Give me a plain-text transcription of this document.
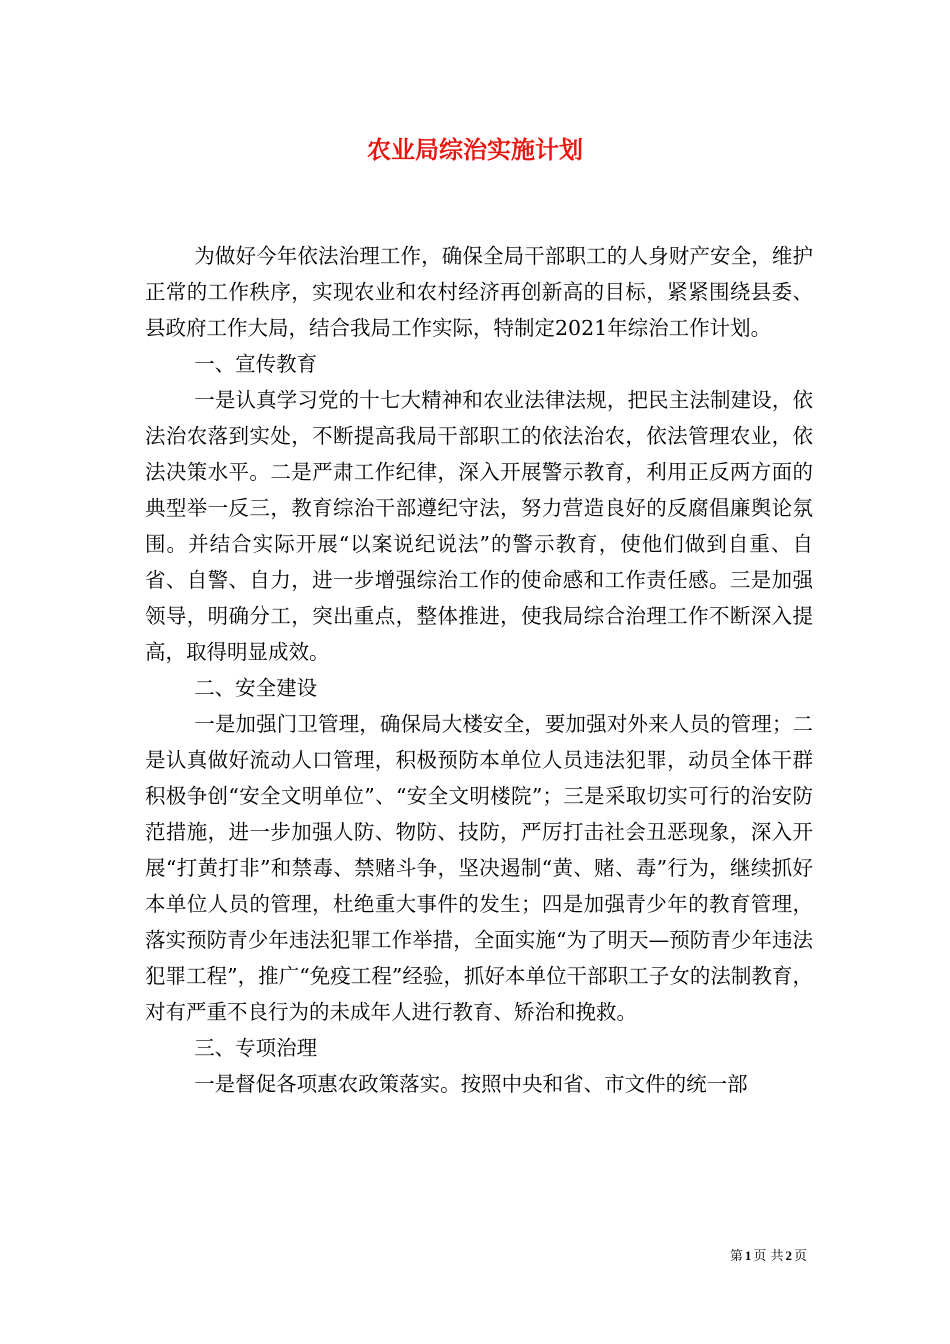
农业局综治实施计划

为做好今年依法治理工作，确保全局干部职工的人身财产安全，维护正常的工作秩序，实现农业和农村经济再创新高的目标，紧紧围绕县委、县政府工作大局，结合我局工作实际，特制定2021年综治工作计划。

一、宣传教育

一是认真学习党的十七大精神和农业法律法规，把民主法制建设，依法治农落到实处，不断提高我局干部职工的依法治农，依法管理农业，依法决策水平。二是严肃工作纪律，深入开展警示教育，利用正反两方面的典型举一反三，教育综治干部遵纪守法，努力营造良好的反腐倡廉舆论氛围。并结合实际开展“以案说纪说法”的警示教育，使他们做到自重、自省、自警、自力，进一步增强综治工作的使命感和工作责任感。三是加强领导，明确分工，突出重点，整体推进，使我局综合治理工作不断深入提高，取得明显成效。

二、安全建设

一是加强门卫管理，确保局大楼安全，要加强对外来人员的管理；二是认真做好流动人口管理，积极预防本单位人员违法犯罪，动员全体干群积极争创“安全文明单位”、“安全文明楼院”；三是采取切实可行的治安防范措施，进一步加强人防、物防、技防，严厉打击社会丑恶现象，深入开展“打黄打非”和禁毒、禁赌斗争，坚决遏制“黄、赌、毒”行为，继续抓好本单位人员的管理，杜绝重大事件的发生；四是加强青少年的教育管理，落实预防青少年违法犯罪工作举措，全面实施“为了明天—预防青少年违法犯罪工程”，推广“免疫工程”经验，抓好本单位干部职工子女的法制教育，对有严重不良行为的未成年人进行教育、矫治和挽救。

三、专项治理

一是督促各项惠农政策落实。按照中央和省、市文件的统一部

第 1 页 共 2 页
